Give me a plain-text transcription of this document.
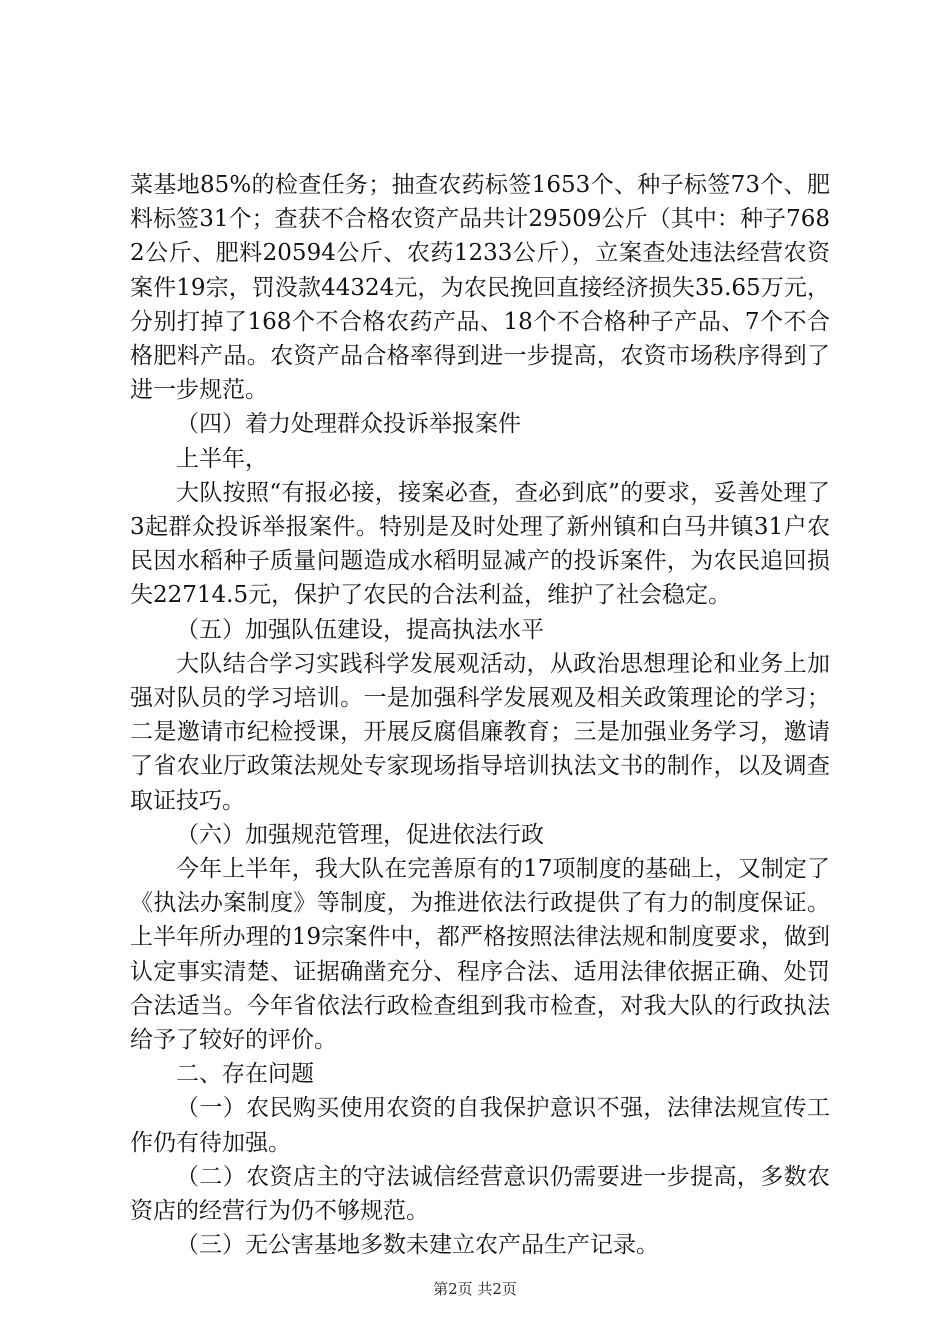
菜基地85%的检查任务；抽查农药标签1653个、种子标签73个、肥料标签31个；查获不合格农资产品共计29509公斤（其中：种子7682公斤、肥料20594公斤、农药1233公斤），立案查处违法经营农资案件19宗，罚没款44324元，为农民挽回直接经济损失35.65万元，分别打掉了168个不合格农药产品、18个不合格种子产品、7个不合格肥料产品。农资产品合格率得到进一步提高，农资市场秩序得到了进一步规范。

（四）着力处理群众投诉举报案件

上半年，

大队按照“有报必接，接案必查，查必到底”的要求，妥善处理了3起群众投诉举报案件。特别是及时处理了新州镇和白马井镇31户农民因水稻种子质量问题造成水稻明显减产的投诉案件，为农民追回损失22714.5元，保护了农民的合法利益，维护了社会稳定。

（五）加强队伍建设，提高执法水平

大队结合学习实践科学发展观活动，从政治思想理论和业务上加强对队员的学习培训。一是加强科学发展观及相关政策理论的学习；二是邀请市纪检授课，开展反腐倡廉教育；三是加强业务学习，邀请了省农业厅政策法规处专家现场指导培训执法文书的制作，以及调查取证技巧。

（六）加强规范管理，促进依法行政

今年上半年，我大队在完善原有的17项制度的基础上，又制定了《执法办案制度》等制度，为推进依法行政提供了有力的制度保证。上半年所办理的19宗案件中，都严格按照法律法规和制度要求，做到认定事实清楚、证据确凿充分、程序合法、适用法律依据正确、处罚合法适当。今年省依法行政检查组到我市检查，对我大队的行政执法给予了较好的评价。

二、存在问题

（一）农民购买使用农资的自我保护意识不强，法律法规宣传工作仍有待加强。

（二）农资店主的守法诚信经营意识仍需要进一步提高，多数农资店的经营行为仍不够规范。

（三）无公害基地多数未建立农产品生产记录。

第2页 共2页
